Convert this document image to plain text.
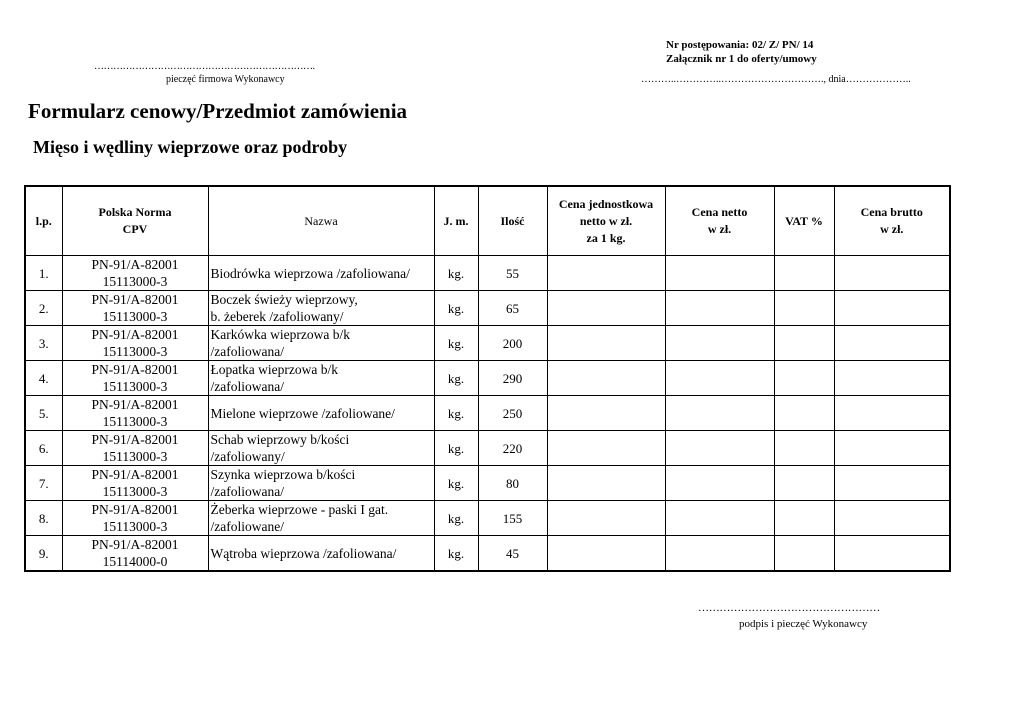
Nr postępowania: 02/ Z/ PN/ 14
Załącznik nr 1 do oferty/umowy
…………………………………………………………….
pieczęć firmowa Wykonawcy	………..…………..…………………………., dnia………………..
Formularz cenowy/Przedmiot zamówienia
Mięso i wędliny wieprzowe oraz podroby
l.p.	Polska Norma
CPV	Nazwa	J. m.	Ilość	Cena jednostkowa
netto w zł.
za 1 kg.	Cena netto
w zł.	VAT %	Cena brutto
w zł.

1.	PN-91/A-82001
15113000-3	Biodrówka wieprzowa /zafoliowana/	kg.	55				
2.	PN-91/A-82001
15113000-3	Boczek świeży wieprzowy,
b. żeberek /zafoliowany/	kg.	65				
3.	PN-91/A-82001
15113000-3	Karkówka wieprzowa b/k
/zafoliowana/	kg.	200				
4.	PN-91/A-82001
15113000-3	Łopatka wieprzowa b/k
/zafoliowana/	kg.	290				
5.	PN-91/A-82001
15113000-3	Mielone wieprzowe /zafoliowane/	kg.	250				
6.	PN-91/A-82001
15113000-3	Schab wieprzowy b/kości
/zafoliowany/	kg.	220				
7.	PN-91/A-82001
15113000-3	Szynka wieprzowa b/kości
/zafoliowana/	kg.	80				
8.	PN-91/A-82001
15113000-3	Żeberka wieprzowe - paski I gat.
/zafoliowane/	kg.	155				
9.	PN-91/A-82001
15114000-0	Wątroba wieprzowa /zafoliowana/	kg.	45				
……………………………………………
podpis i pieczęć Wykonawcy
